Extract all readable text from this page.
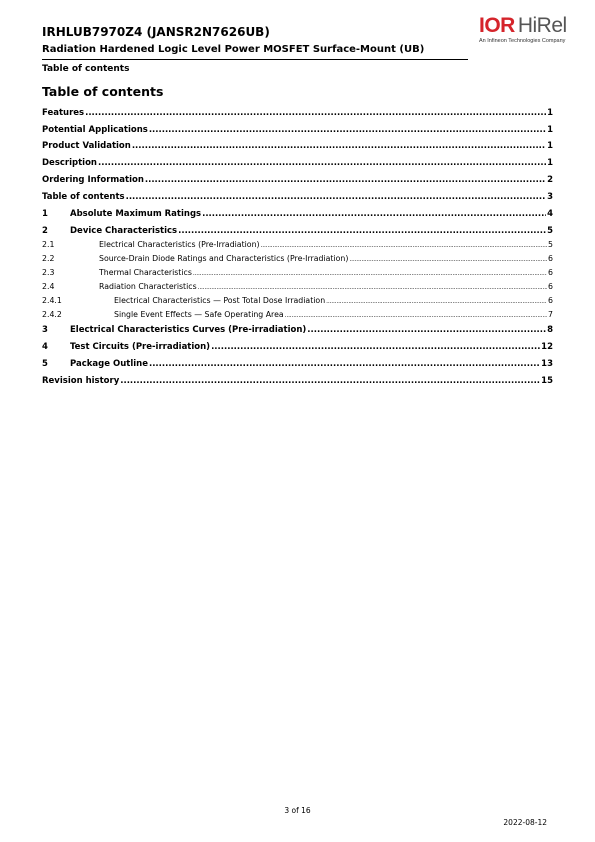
IRHLUB7970Z4 (JANSR2N7626UB)
Radiation Hardened Logic Level Power MOSFET Surface-Mount (UB)
Table of contents
IOR HiRel
An Infineon Technologies Company
Table of contents
Features .....	1
Potential Applications .....	1
Product Validation .....	1
Description .....	1
Ordering Information .....	2
Table of contents .....	3
1	Absolute Maximum Ratings .....	4
2	Device Characteristics .....	5
2.1	Electrical Characteristics (Pre-Irradiation) .....	5
2.2	Source-Drain Diode Ratings and Characteristics (Pre-Irradiation) .....	6
2.3	Thermal Characteristics .....	6
2.4	Radiation Characteristics .....	6
2.4.1	Electrical Characteristics — Post Total Dose Irradiation .....	6
2.4.2	Single Event Effects — Safe Operating Area .....	7
3	Electrical Characteristics Curves (Pre-irradiation) .....	8
4	Test Circuits (Pre-irradiation) .....	12
5	Package Outline .....	13
Revision history .....	15
3 of 16
2022-08-12
